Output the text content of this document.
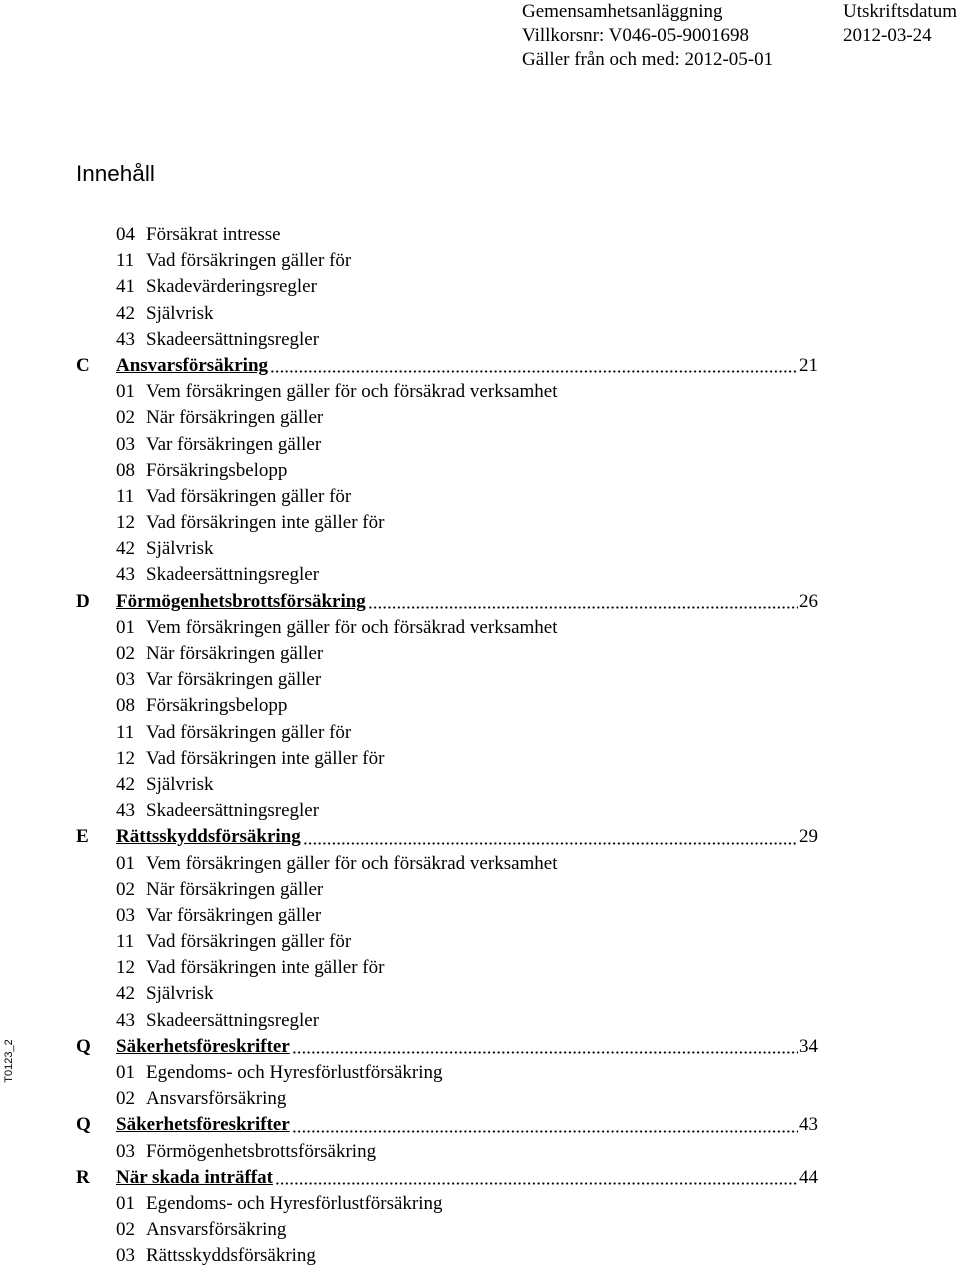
Gemensamhetsanläggning
Villkorsnr: V046-05-9001698
Gäller från och med: 2012-05-01
Utskriftsdatum
2012-03-24
Innehåll
04 Försäkrat intresse
11 Vad försäkringen gäller för
41 Skadevärderingsregler
42 Självrisk
43 Skadeersättningsregler
C	Ansvarsförsäkring	21
01 Vem försäkringen gäller för och försäkrad verksamhet
02 När försäkringen gäller
03 Var försäkringen gäller
08 Försäkringsbelopp
11 Vad försäkringen gäller för
12 Vad försäkringen inte gäller för
42 Självrisk
43 Skadeersättningsregler
D	Förmögenhetsbrottsförsäkring	26
01 Vem försäkringen gäller för och försäkrad verksamhet
02 När försäkringen gäller
03 Var försäkringen gäller
08 Försäkringsbelopp
11 Vad försäkringen gäller för
12 Vad försäkringen inte gäller för
42 Självrisk
43 Skadeersättningsregler
E	Rättsskyddsförsäkring	29
01 Vem försäkringen gäller för och försäkrad verksamhet
02 När försäkringen gäller
03 Var försäkringen gäller
11 Vad försäkringen gäller för
12 Vad försäkringen inte gäller för
42 Självrisk
43 Skadeersättningsregler
Q	Säkerhetsföreskrifter	34
01 Egendoms- och Hyresförlustförsäkring
02 Ansvarsförsäkring
Q	Säkerhetsföreskrifter	43
03 Förmögenhetsbrottsförsäkring
R	När skada inträffat	44
01 Egendoms- och Hyresförlustförsäkring
02 Ansvarsförsäkring
03 Rättsskyddsförsäkring
T0123_2
